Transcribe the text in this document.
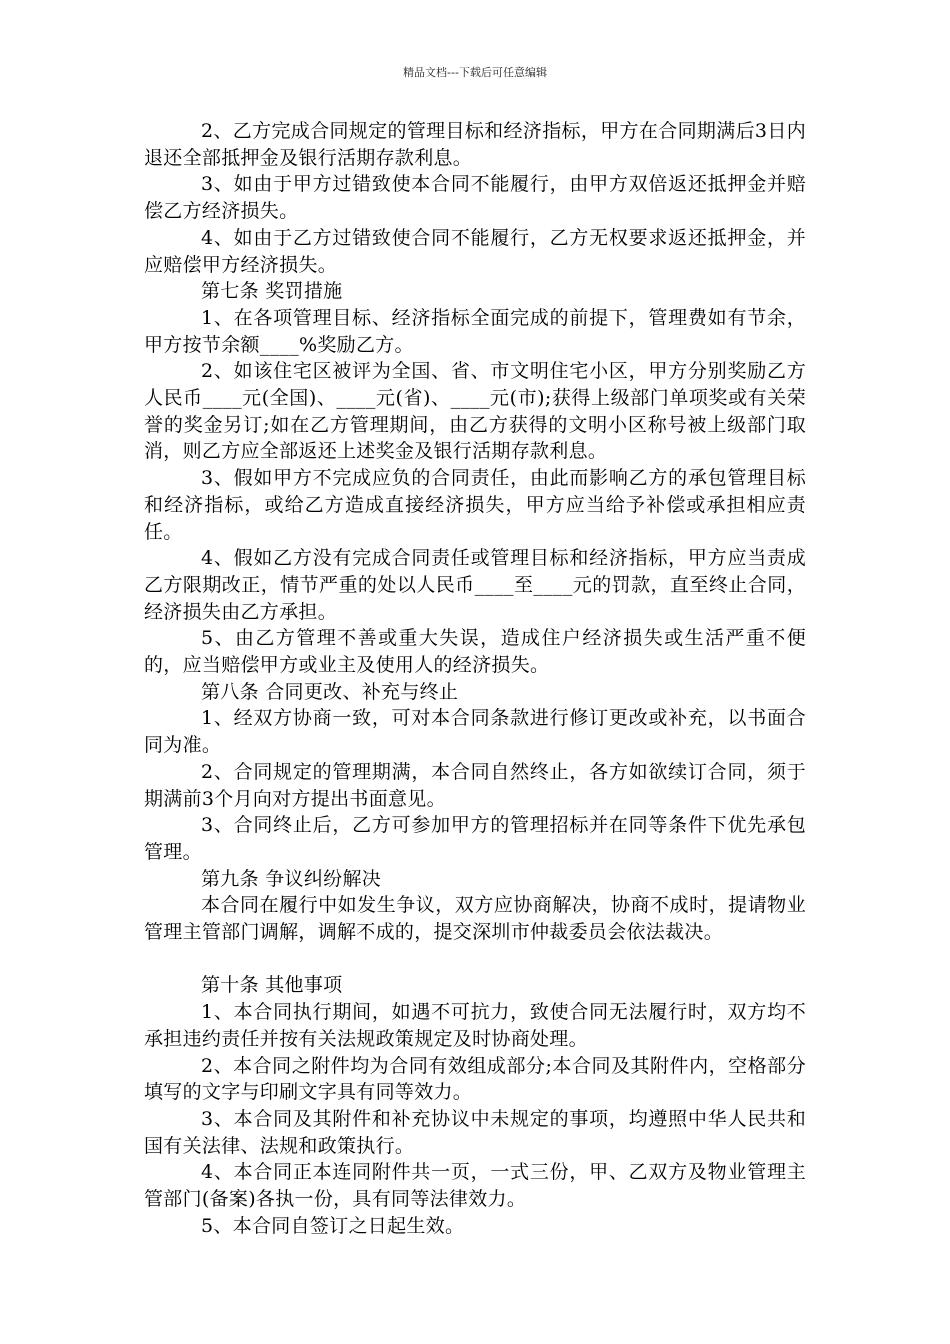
精品文档---下载后可任意编辑

2、乙方完成合同规定的管理目标和经济指标，甲方在合同期满后3日内退还全部抵押金及银行活期存款利息。

3、如由于甲方过错致使本合同不能履行，由甲方双倍返还抵押金并赔偿乙方经济损失。

4、如由于乙方过错致使合同不能履行，乙方无权要求返还抵押金，并应赔偿甲方经济损失。

第七条 奖罚措施

1、在各项管理目标、经济指标全面完成的前提下，管理费如有节余，甲方按节余额____%奖励乙方。

2、如该住宅区被评为全国、省、市文明住宅小区，甲方分别奖励乙方人民币____元(全国)、____元(省)、____元(市);获得上级部门单项奖或有关荣誉的奖金另订;如在乙方管理期间，由乙方获得的文明小区称号被上级部门取消，则乙方应全部返还上述奖金及银行活期存款利息。

3、假如甲方不完成应负的合同责任，由此而影响乙方的承包管理目标和经济指标，或给乙方造成直接经济损失，甲方应当给予补偿或承担相应责任。

4、假如乙方没有完成合同责任或管理目标和经济指标，甲方应当责成乙方限期改正，情节严重的处以人民币____至____元的罚款，直至终止合同，经济损失由乙方承担。

5、由乙方管理不善或重大失误，造成住户经济损失或生活严重不便的，应当赔偿甲方或业主及使用人的经济损失。

第八条 合同更改、补充与终止

1、经双方协商一致，可对本合同条款进行修订更改或补充，以书面合同为准。

2、合同规定的管理期满，本合同自然终止，各方如欲续订合同，须于期满前3个月向对方提出书面意见。

3、合同终止后，乙方可参加甲方的管理招标并在同等条件下优先承包管理。

第九条 争议纠纷解决

本合同在履行中如发生争议，双方应协商解决，协商不成时，提请物业管理主管部门调解，调解不成的，提交深圳市仲裁委员会依法裁决。

第十条 其他事项

1、本合同执行期间，如遇不可抗力，致使合同无法履行时，双方均不承担违约责任并按有关法规政策规定及时协商处理。

2、本合同之附件均为合同有效组成部分;本合同及其附件内，空格部分填写的文字与印刷文字具有同等效力。

3、本合同及其附件和补充协议中未规定的事项，均遵照中华人民共和国有关法律、法规和政策执行。

4、本合同正本连同附件共一页，一式三份，甲、乙双方及物业管理主管部门(备案)各执一份，具有同等法律效力。

5、本合同自签订之日起生效。
